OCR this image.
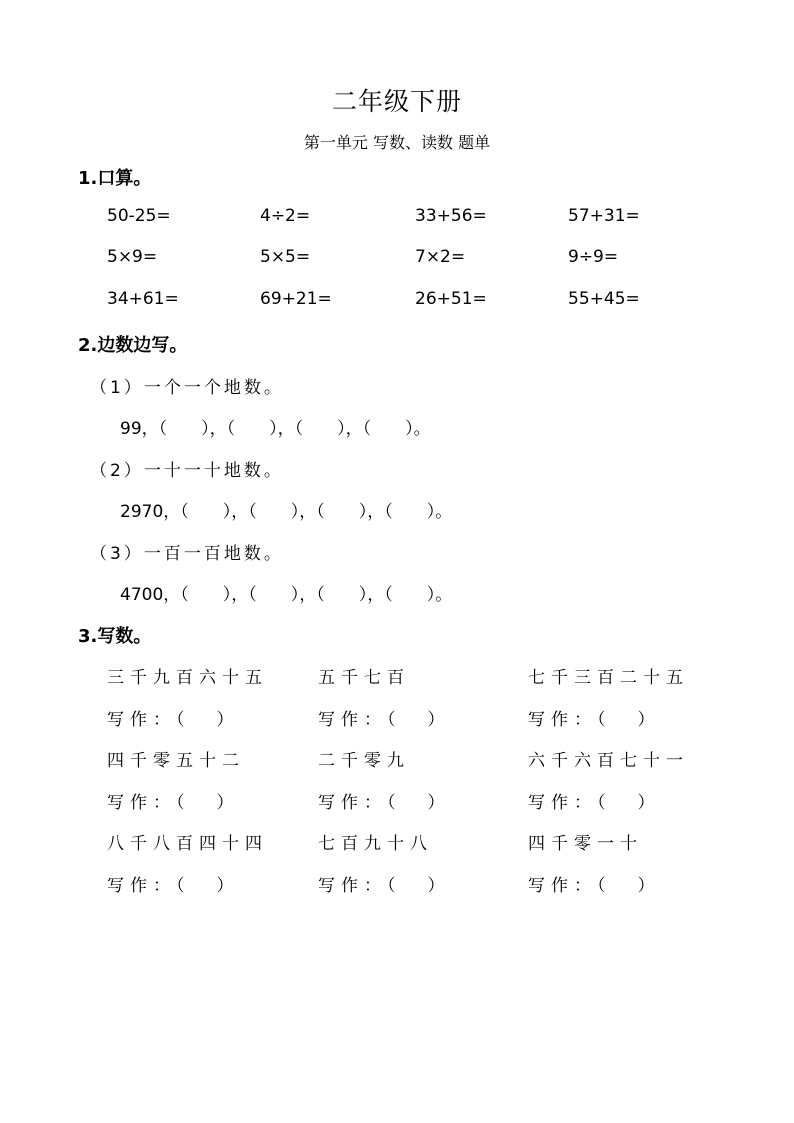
二年级下册
第一单元 写数、读数 题单
1.口算。
50-25=	4÷2=	33+56=	57+31=
5×9=	5×5=	7×2=	9÷9=
34+61=	69+21=	26+51=	55+45=
2.边数边写。
（1）一个一个地数。
99，（ ），（ ），（ ），（ ）。
（2）一十一十地数。
2970，（ ），（ ），（ ），（ ）。
（3）一百一百地数。
4700，（ ），（ ），（ ），（ ）。
3.写数。
三千九百六十五	五千七百	七千三百二十五
写作：（ ）	写作：（ ）	写作：（ ）
四千零五十二	二千零九	六千六百七十一
写作：（ ）	写作：（ ）	写作：（ ）
八千八百四十四	七百九十八	四千零一十
写作：（ ）	写作：（ ）	写作：（ ）
